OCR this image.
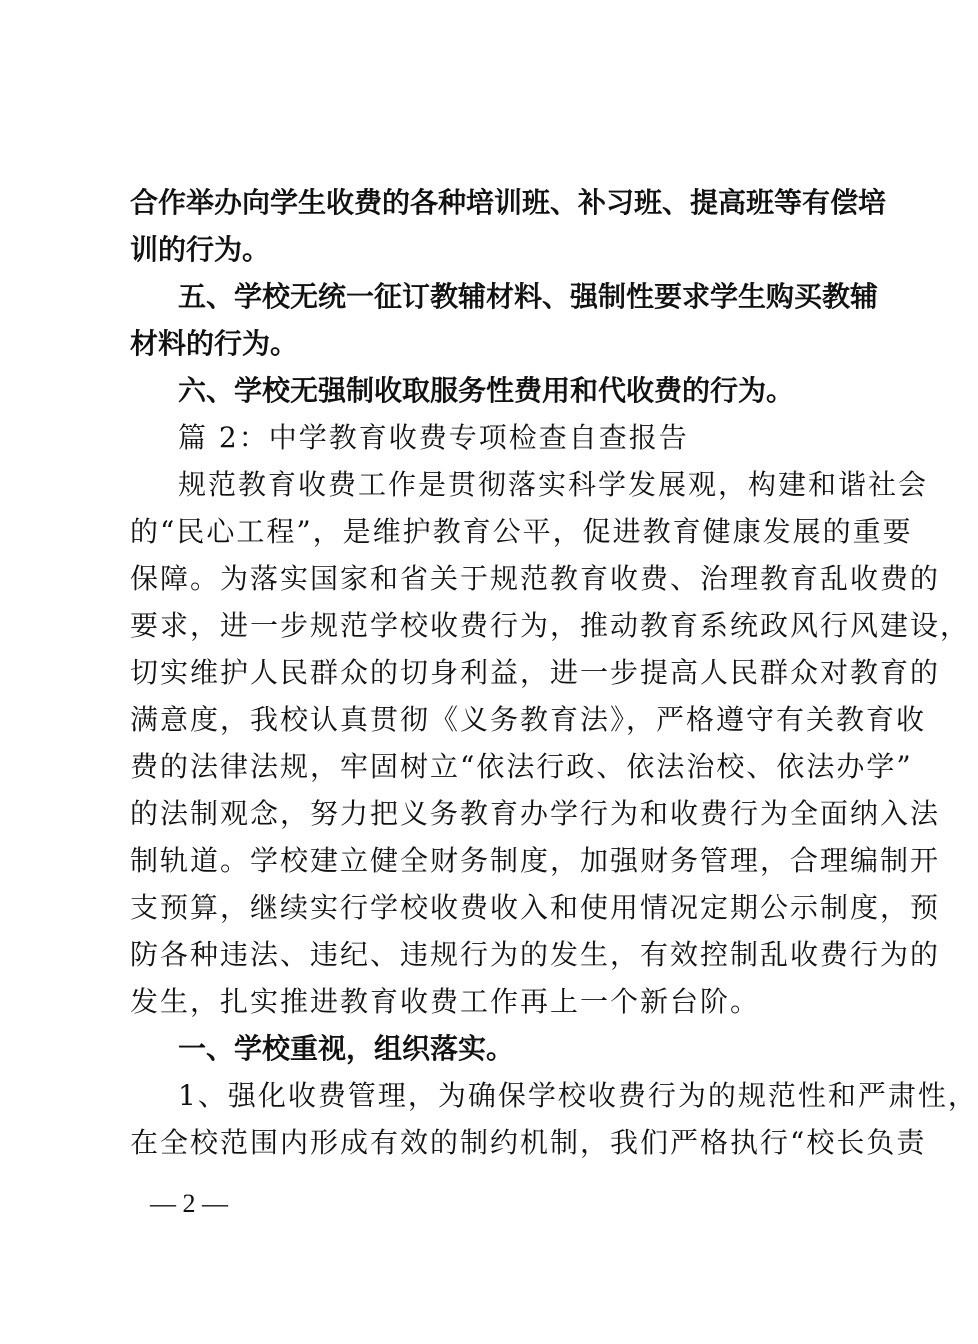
合作举办向学生收费的各种培训班、补习班、提高班等有偿培
训的行为。
五、学校无统一征订教辅材料、强制性要求学生购买教辅
材料的行为。
六、学校无强制收取服务性费用和代收费的行为。
篇 2：中学教育收费专项检查自查报告
规范教育收费工作是贯彻落实科学发展观，构建和谐社会
的“民心工程”，是维护教育公平，促进教育健康发展的重要
保障。为落实国家和省关于规范教育收费、治理教育乱收费的
要求，进一步规范学校收费行为，推动教育系统政风行风建设，
切实维护人民群众的切身利益，进一步提高人民群众对教育的
满意度，我校认真贯彻《义务教育法》，严格遵守有关教育收
费的法律法规，牢固树立“依法行政、依法治校、依法办学”
的法制观念，努力把义务教育办学行为和收费行为全面纳入法
制轨道。学校建立健全财务制度，加强财务管理，合理编制开
支预算，继续实行学校收费收入和使用情况定期公示制度，预
防各种违法、违纪、违规行为的发生，有效控制乱收费行为的
发生，扎实推进教育收费工作再上一个新台阶。
一、学校重视，组织落实。
1、强化收费管理，为确保学校收费行为的规范性和严肃性，
在全校范围内形成有效的制约机制，我们严格执行“校长负责
— 2 —
